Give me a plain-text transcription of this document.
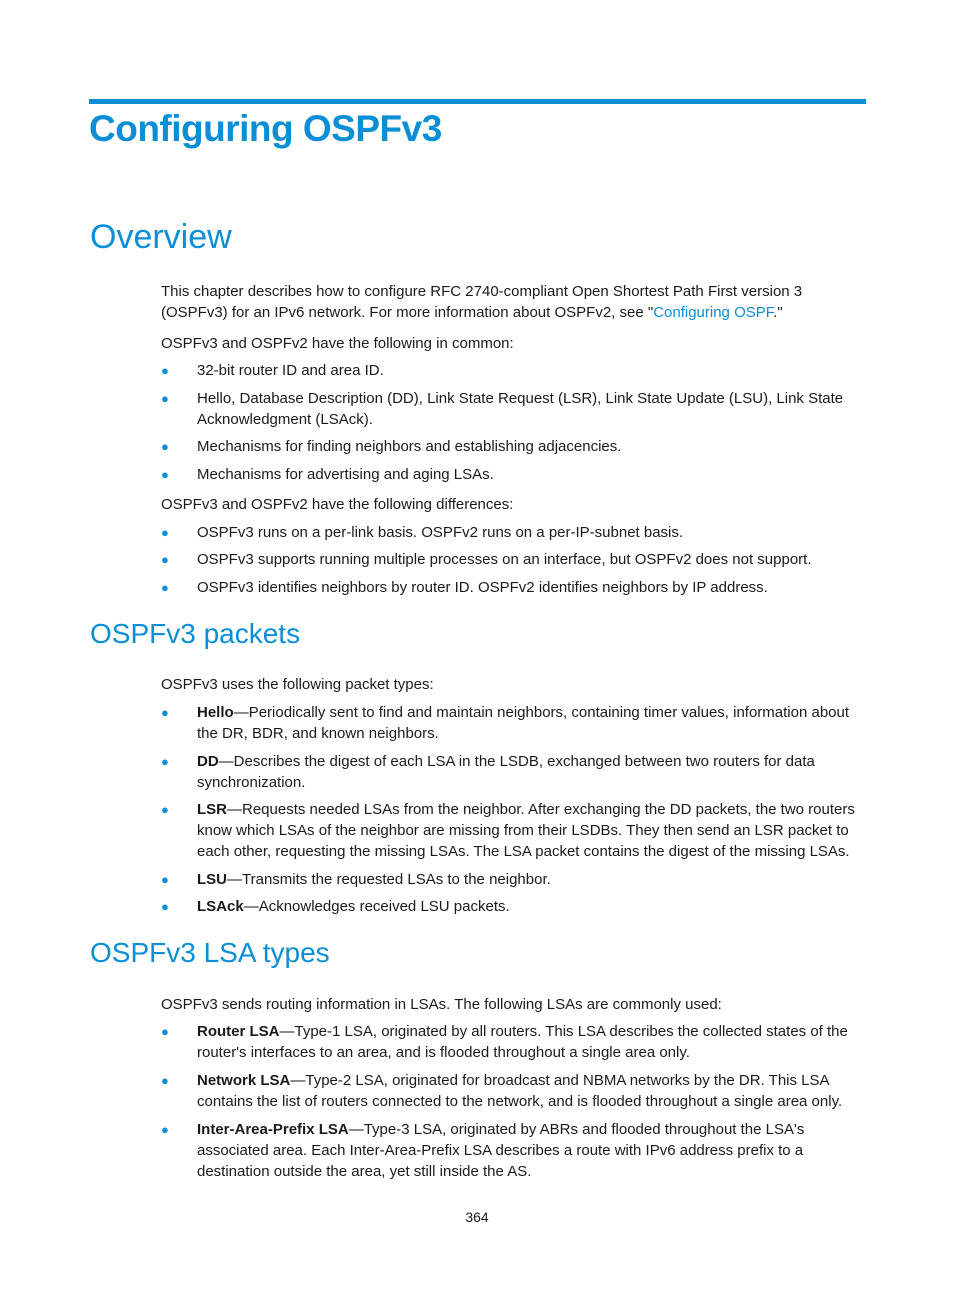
Configuring OSPFv3
Overview

This chapter describes how to configure RFC 2740-compliant Open Shortest Path First version 3 (OSPFv3) for an IPv6 network. For more information about OSPFv2, see "Configuring OSPF."

OSPFv3 and OSPFv2 have the following in common:

● 32-bit router ID and area ID.
● Hello, Database Description (DD), Link State Request (LSR), Link State Update (LSU), Link State Acknowledgment (LSAck).
● Mechanisms for finding neighbors and establishing adjacencies.
● Mechanisms for advertising and aging LSAs.

OSPFv3 and OSPFv2 have the following differences:

● OSPFv3 runs on a per-link basis. OSPFv2 runs on a per-IP-subnet basis.
● OSPFv3 supports running multiple processes on an interface, but OSPFv2 does not support.
● OSPFv3 identifies neighbors by router ID. OSPFv2 identifies neighbors by IP address.
OSPFv3 packets

OSPFv3 uses the following packet types:

● Hello—Periodically sent to find and maintain neighbors, containing timer values, information about the DR, BDR, and known neighbors.
● DD—Describes the digest of each LSA in the LSDB, exchanged between two routers for data synchronization.
● LSR—Requests needed LSAs from the neighbor. After exchanging the DD packets, the two routers know which LSAs of the neighbor are missing from their LSDBs. They then send an LSR packet to each other, requesting the missing LSAs. The LSA packet contains the digest of the missing LSAs.
● LSU—Transmits the requested LSAs to the neighbor.
● LSAck—Acknowledges received LSU packets.
OSPFv3 LSA types

OSPFv3 sends routing information in LSAs. The following LSAs are commonly used:

● Router LSA—Type-1 LSA, originated by all routers. This LSA describes the collected states of the router's interfaces to an area, and is flooded throughout a single area only.
● Network LSA—Type-2 LSA, originated for broadcast and NBMA networks by the DR. This LSA contains the list of routers connected to the network, and is flooded throughout a single area only.
● Inter-Area-Prefix LSA—Type-3 LSA, originated by ABRs and flooded throughout the LSA's associated area. Each Inter-Area-Prefix LSA describes a route with IPv6 address prefix to a destination outside the area, yet still inside the AS.
364
